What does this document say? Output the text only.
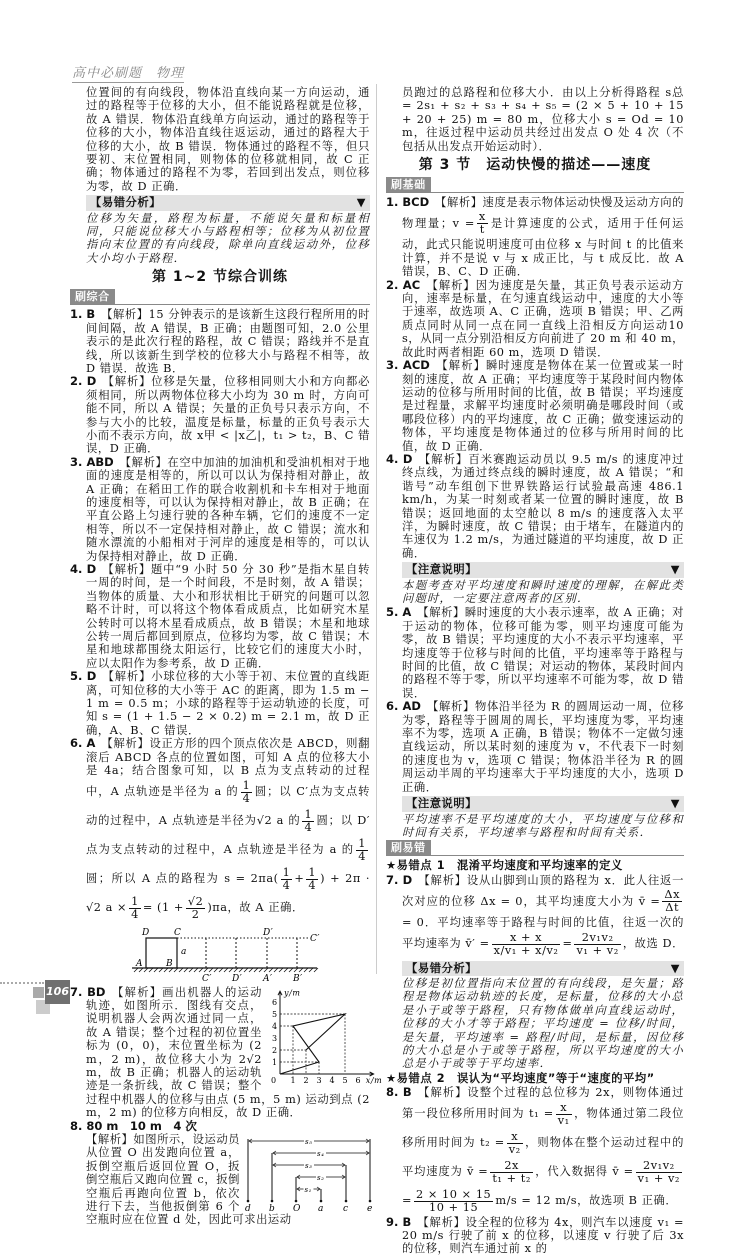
高中必刷题　物理

位置间的有向线段，物体沿直线向某一方向运动，通过的路程等于位移的大小，但不能说路程就是位移，故 A 错误．物体沿直线单方向运动，通过的路程等于位移的大小，物体沿直线往返运动，通过的路程大于位移的大小，故 B 错误．物体通过的路程不等，但只要初、末位置相同，则物体的位移就相同，故 C 正确；物体通过的路程不为零，若回到出发点，则位移为零，故 D 正确．

【易错分析】	▼

位移为矢量，路程为标量，不能说矢量和标量相同，只能说位移大小与路程相等；位移为从初位置指向末位置的有向线段，除单向直线运动外，位移大小均小于路程．

第 1~2 节综合训练
刷综合
1. B 【解析】15 分钟表示的是该新生这段行程所用的时间间隔，故 A 错误，B 正确；由题图可知，2.0 公里表示的是此次行程的路程，故 C 错误；路线并不是直线，所以该新生到学校的位移大小与路程不相等，故 D 错误．故选 B．
2. D 【解析】位移是矢量，位移相同则大小和方向都必须相同，所以两物体位移大小均为 30 m 时，方向可能不同，所以 A 错误；矢量的正负号只表示方向，不参与大小的比较，温度是标量，标量的正负号表示大小而不表示方向，故 x甲 < |x乙|，t₁ > t₂，B、C 错误，D 正确．
3. ABD 【解析】在空中加油的加油机和受油机相对于地面的速度是相等的，所以可以认为保持相对静止，故 A 正确；在稻田工作的联合收割机和卡车相对于地面的速度相等，可以认为保持相对静止，故 B 正确；在平直公路上匀速行驶的各种车辆，它们的速度不一定相等，所以不一定保持相对静止，故 C 错误；流水和随水漂流的小船相对于河岸的速度是相等的，可以认为保持相对静止，故 D 正确．
4. D 【解析】题中“9 小时 50 分 30 秒”是指木星自转一周的时间，是一个时间段，不是时刻，故 A 错误；当物体的质量、大小和形状相比于研究的问题可以忽略不计时，可以将这个物体看成质点，比如研究木星公转时可以将木星看成质点，故 B 错误；木星和地球公转一周后都回到原点，位移均为零，故 C 错误；木星和地球都围绕太阳运行，比较它们的速度大小时，应以太阳作为参考系，故 D 正确．
5. D 【解析】小球位移的大小等于初、末位置的直线距离，可知位移的大小等于 AC 的距离，即为 1.5 m − 1 m = 0.5 m；小球的路程等于运动轨迹的长度，可知 s = (1 + 1.5 − 2 × 0.2) m = 2.1 m，故 D 正确，A、B、C 错误．
6. A 【解析】设正方形的四个顶点依次是 ABCD，则翻滚后 ABCD 各点的位置如图，可知 A 点的位移大小是 4a；结合图象可知，以 B 点为支点转动的过程中，A 点轨迹是半径为 a 的 $\frac{1}{4}$ 圆；以 C′点为支点转动的过程中，A 点轨迹是半径为√2 a 的 $\frac{1}{4}$ 圆；以 D′点为支点转动的过程中，A 点轨迹是半径为 a 的 $\frac{1}{4}$
圆；所以 A 点的路程为 $s = 2\pi a( \frac{1}{4} + \frac{1}{4}$ ) + 2π · √2 $a \times \frac{1}{4} = (1 + \frac{√2}{2} )\pi a$，故 A 正确．
D	C	D′
C′
a
A	B
C′ D′ A′ B′
1 2 3 4 5 6
1
2
3
4
5
6
0	x/m
y/m
7. BD 【解析】画出机器人的运动轨迹，如图所示．图线有交点，说明机器人会两次通过同一点，故 A 错误；整个过程的初位置坐标为 (0，0)，末位置坐标为 (2 m，2 m)，故位移大小为 2√2 m，故 B 正确；机器人的运动轨迹是一条折线，故 C 错误；整个过程中机器人的位移与由点 (5 m，5 m) 运动到点 (2 m，2 m) 的位移方向相反，故 D 正确．
8. 80 m　10 m　4 次
d b O a c e
s₅
s₄
s₃
s₂
s₁
【解析】如图所示，设运动员从位置 O 出发跑向位置 a，扳倒空瓶后返回位置 O，扳倒空瓶后又跑向位置 c，扳倒空瓶后再跑向位置 b，依次进行下去，当他扳倒第 6 个空瓶时应在位置 d 处，因此可求出运动

员跑过的总路程和位移大小．由以上分析得路程 s总 = 2s₁ + s₂ + s₃ + s₄ + s₅ = (2 × 5 + 10 + 15 + 20 + 25) m = 80 m，位移大小 s = Od = 10 m，往返过程中运动员共经过出发点 O 处 4 次（不包括从出发点开始运动时）．

第 3 节　运动快慢的描述——速度
刷基础
1. BCD 【解析】速度是表示物体运动快慢及运动方向的物理量；$v = \frac{x}{t}$ 是计算速度的公式，适用于任何运动，此式只能说明速度可由位移 x 与时间 t 的比值来计算，并不是说 v 与 x 成正比，与 t 成反比．故 A 错误，B、C、D 正确．
2. AC 【解析】因为速度是矢量，其正负号表示运动方向，速率是标量，在匀速直线运动中，速度的大小等于速率，故选项 A、C 正确，选项 B 错误；甲、乙两质点同时从同一点在同一直线上沿相反方向运动10 s，从同一点分别沿相反方向前进了 20 m 和 40 m，故此时两者相距 60 m，选项 D 错误．
3. ACD 【解析】瞬时速度是物体在某一位置或某一时刻的速度，故 A 正确；平均速度等于某段时间内物体运动的位移与所用时间的比值，故 B 错误；平均速度是过程量，求解平均速度时必须明确是哪段时间（或哪段位移）内的平均速度，故 C 正确；做变速运动的物体，平均速度是物体通过的位移与所用时间的比值，故 D 正确．
4. D 【解析】百米赛跑运动员以 9.5 m/s 的速度冲过终点线，为通过终点线的瞬时速度，故 A 错误；“和谐号”动车组创下世界铁路运行试验最高速 486.1 km/h，为某一时刻或者某一位置的瞬时速度，故 B 错误；返回地面的太空舱以 8 m/s 的速度落入太平洋，为瞬时速度，故 C 错误；由于堵车，在隧道内的车速仅为 1.2 m/s，为通过隧道的平均速度，故 D 正确．
【注意说明】	▼

本题考查对平均速度和瞬时速度的理解，在解此类问题时，一定要注意两者的区别．

5. A 【解析】瞬时速度的大小表示速率，故 A 正确；对于运动的物体，位移可能为零，则平均速度可能为零，故 B 错误；平均速度的大小不表示平均速率，平均速度等于位移与时间的比值，平均速率等于路程与时间的比值，故 C 错误；对运动的物体，某段时间内的路程不等于零，所以平均速率不可能为零，故 D 错误．
6. AD 【解析】物体沿半径为 R 的圆周运动一周，位移为零，路程等于圆周的周长，平均速度为零，平均速率不为零，选项 A 正确，B 错误；物体不一定做匀速直线运动，所以某时刻的速度为 v，不代表下一时刻的速度也为 v，选项 C 错误；物体沿半径为 R 的圆周运动半周的平均速率大于平均速度的大小，选项 D 正确．
【注意说明】	▼

平均速率不是平均速度的大小，平均速度与位移和时间有关系，平均速率与路程和时间有关系．

刷易错
★易错点 1　混淆平均速度和平均速率的定义
7. D 【解析】设从山脚到山顶的路程为 x．此人往返一次对应的位移 Δx = 0，其平均速度大小为 v̄ = $\frac{\Delta x}{\Delta t}$
= 0．平均速率等于路程与时间的比值，往返一次的平均速率为 v̄′ = $\frac{x + x}{\text{x/v₁ + x/v₂}} = \frac{\text{2v₁v₂}}{\text{v₁ + v₂}}$ ，故选 D．
【易错分析】	▼

位移是初位置指向末位置的有向线段，是矢量；路程是物体运动轨迹的长度，是标量，位移的大小总是小于或等于路程，只有物体做单向直线运动时，位移的大小才等于路程；平均速度 = 位移/时间，是矢量，平均速率 = 路程/时间，是标量，因位移的大小总是小于或等于路程，所以平均速度的大小总是小于或等于平均速率．

★易错点 2　误认为“平均速度”等于“速度的平均”
8. B 【解析】设整个过程的总位移为 2x，则物体通过第一段位移所用时间为 $t_1 = \frac{x}{\text{v₁}}$ ，物体通过第二段位移所用时间为 $t_2 = \frac{x}{\text{v₂}}$ ，则物体在整个运动过程中的平均速度为 v̄ = $\frac{2x}{\text{t₁ + t₂}}$ ，代入数据得 v̄ = $\frac{\text{2v₁v₂}}{\text{v₁ + v₂}}$
= $\frac{2 \times 10 \times 15}{10 + 15} m/s = 12$ m/s，故选项 B 正确．
9. B 【解析】设全程的位移为 4x，则汽车以速度 v₁ = 20 m/s 行驶了前 x 的位移，以速度 v 行驶了后 3x 的位移，则汽车通过前 x 的
106
